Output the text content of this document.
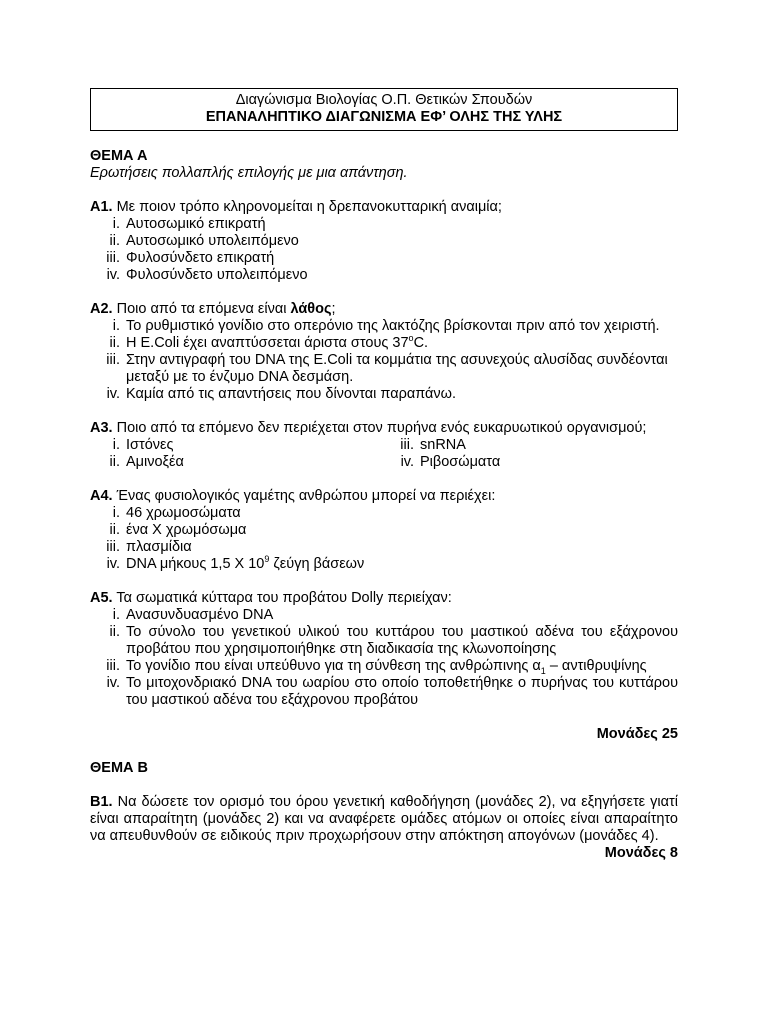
Διαγώνισμα Βιολογίας Ο.Π. Θετικών Σπουδών
ΕΠΑΝΑΛΗΠΤΙΚΟ ΔΙΑΓΩΝΙΣΜΑ ΕΦ’ ΟΛΗΣ ΤΗΣ ΥΛΗΣ
ΘΕΜΑ Α
Ερωτήσεις πολλαπλής επιλογής με μια απάντηση.
Α1. Με ποιον τρόπο κληρονομείται η δρεπανοκυτταρική αναιμία;
i. Αυτοσωμικό επικρατή
ii. Αυτοσωμικό υπολειπόμενο
iii. Φυλοσύνδετο επικρατή
iv. Φυλοσύνδετο υπολειπόμενο
Α2. Ποιο από τα επόμενα είναι λάθος;
i. Το ρυθμιστικό γονίδιο στο οπερόνιο της λακτόζης βρίσκονται πριν από τον χειριστή.
ii. Η E.Coli έχει αναπτύσσεται άριστα στους 37$^o$C.
iii. Στην αντιγραφή του DNA της E.Coli τα κομμάτια της ασυνεχούς αλυσίδας συνδέονται μεταξύ με το ένζυμο DNA δεσμάση.
iv. Καμία από τις απαντήσεις που δίνονται παραπάνω.
Α3. Ποιο από τα επόμενο δεν περιέχεται στον πυρήνα ενός ευκαρυωτικού οργανισμού;
i. Ιστόνες	iii. snRNA
ii. Αμινοξέα	iv. Ριβοσώματα
Α4. Ένας φυσιολογικός γαμέτης ανθρώπου μπορεί να περιέχει:
i. 46 χρωμοσώματα
ii. ένα X χρωμόσωμα
iii. πλασμίδια
iv. DNA μήκους 1,5 X $10^9$ ζεύγη βάσεων
Α5. Τα σωματικά κύτταρα του προβάτου Dolly περιείχαν:
i. Ανασυνδυασμένο DNA
ii. Το σύνολο του γενετικού υλικού του κυττάρου του μαστικού αδένα του εξάχρονου προβάτου που χρησιμοποιήθηκε στη διαδικασία της κλωνοποίησης
iii. Το γονίδιο που είναι υπεύθυνο για τη σύνθεση της ανθρώπινης $\alpha_1$ – αντιθρυψίνης
iv. Το μιτοχονδριακό DNA του ωαρίου στο οποίο τοποθετήθηκε ο πυρήνας του κυττάρου του μαστικού αδένα του εξάχρονου προβάτου
Μονάδες 25
ΘΕΜΑ Β
Β1. Να δώσετε τον ορισμό του όρου γενετική καθοδήγηση (μονάδες 2), να εξηγήσετε γιατί είναι απαραίτητη (μονάδες 2) και να αναφέρετε ομάδες ατόμων οι οποίες είναι απαραίτητο να απευθυνθούν σε ειδικούς πριν προχωρήσουν στην απόκτηση απογόνων (μονάδες 4).
Μονάδες 8
